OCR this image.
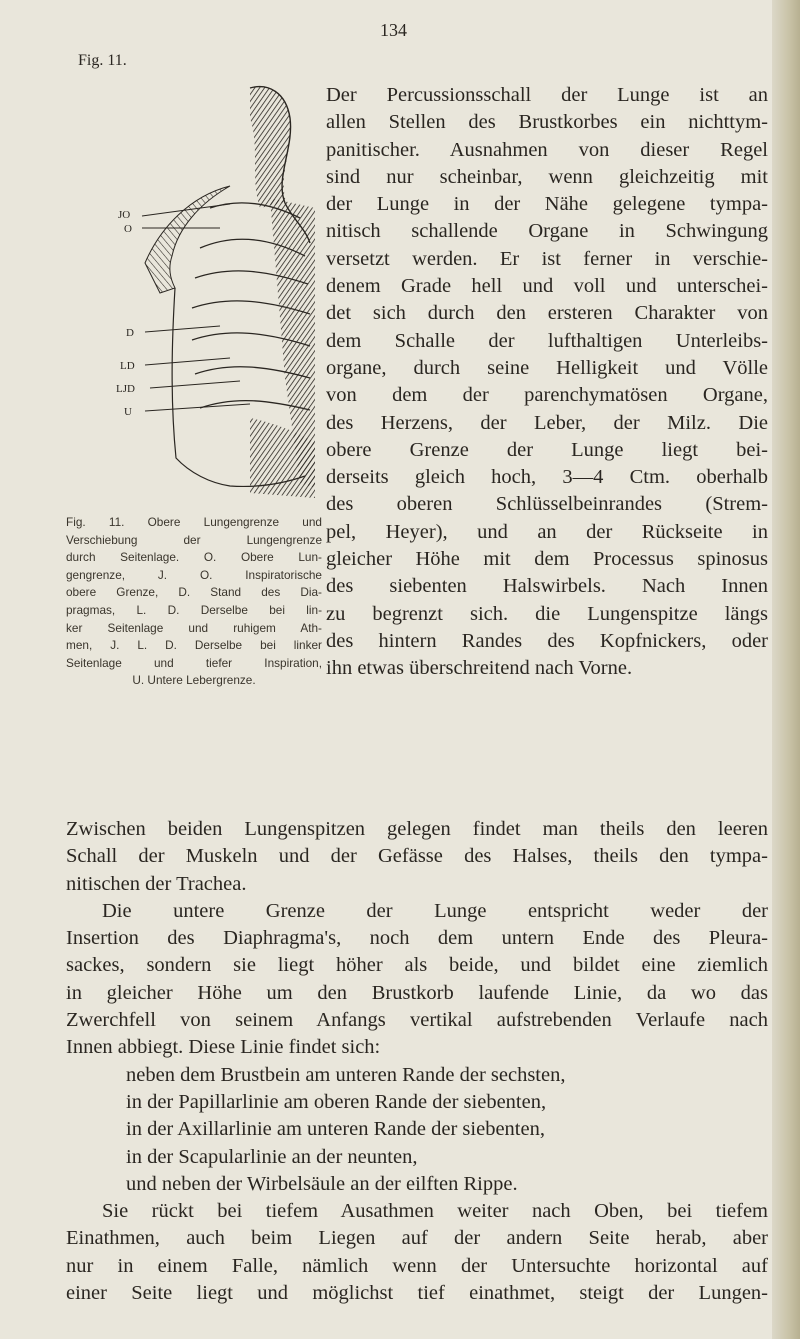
134
Fig. 11.
JO
O
D
LD
LJD
U
Fig. 11. Obere Lungengrenze und
Verschiebung der Lungengrenze
durch Seitenlage. O. Obere Lun-
gengrenze, J. O. Inspiratorische
obere Grenze, D. Stand des Dia-
pragmas, L. D. Derselbe bei lin-
ker Seitenlage und ruhigem Ath-
men, J. L. D. Derselbe bei linker
Seitenlage und tiefer Inspiration,
U. Untere Lebergrenze.
Der Percussionsschall der Lunge ist an
allen Stellen des Brustkorbes ein nichttym-
panitischer. Ausnahmen von dieser Regel
sind nur scheinbar, wenn gleichzeitig mit
der Lunge in der Nähe gelegene tympa-
nitisch schallende Organe in Schwingung
versetzt werden. Er ist ferner in verschie-
denem Grade hell und voll und unterschei-
det sich durch den ersteren Charakter von
dem Schalle der lufthaltigen Unterleibs-
organe, durch seine Helligkeit und Völle
von dem der parenchymatösen Organe,
des Herzens, der Leber, der Milz. Die
obere Grenze der Lunge liegt bei-
derseits gleich hoch, 3—4 Ctm. oberhalb
des oberen Schlüsselbeinrandes (Strem-
pel, Heyer), und an der Rückseite in
gleicher Höhe mit dem Processus spinosus
des siebenten Halswirbels. Nach Innen
zu begrenzt sich. die Lungenspitze längs
des hintern Randes des Kopfnickers, oder
ihn etwas überschreitend nach Vorne.
Zwischen beiden Lungenspitzen gelegen findet man theils den leeren
Schall der Muskeln und der Gefässe des Halses, theils den tympa-
nitischen der Trachea.
Die untere Grenze der Lunge entspricht weder der
Insertion des Diaphragma's, noch dem untern Ende des Pleura-
sackes, sondern sie liegt höher als beide, und bildet eine ziemlich
in gleicher Höhe um den Brustkorb laufende Linie, da wo das
Zwerchfell von seinem Anfangs vertikal aufstrebenden Verlaufe nach
Innen abbiegt. Diese Linie findet sich:
neben dem Brustbein am unteren Rande der sechsten,
in der Papillarlinie am oberen Rande der siebenten,
in der Axillarlinie am unteren Rande der siebenten,
in der Scapularlinie an der neunten,
und neben der Wirbelsäule an der eilften Rippe.
Sie rückt bei tiefem Ausathmen weiter nach Oben, bei tiefem
Einathmen, auch beim Liegen auf der andern Seite herab, aber
nur in einem Falle, nämlich wenn der Untersuchte horizontal auf
einer Seite liegt und möglichst tief einathmet, steigt der Lungen-
